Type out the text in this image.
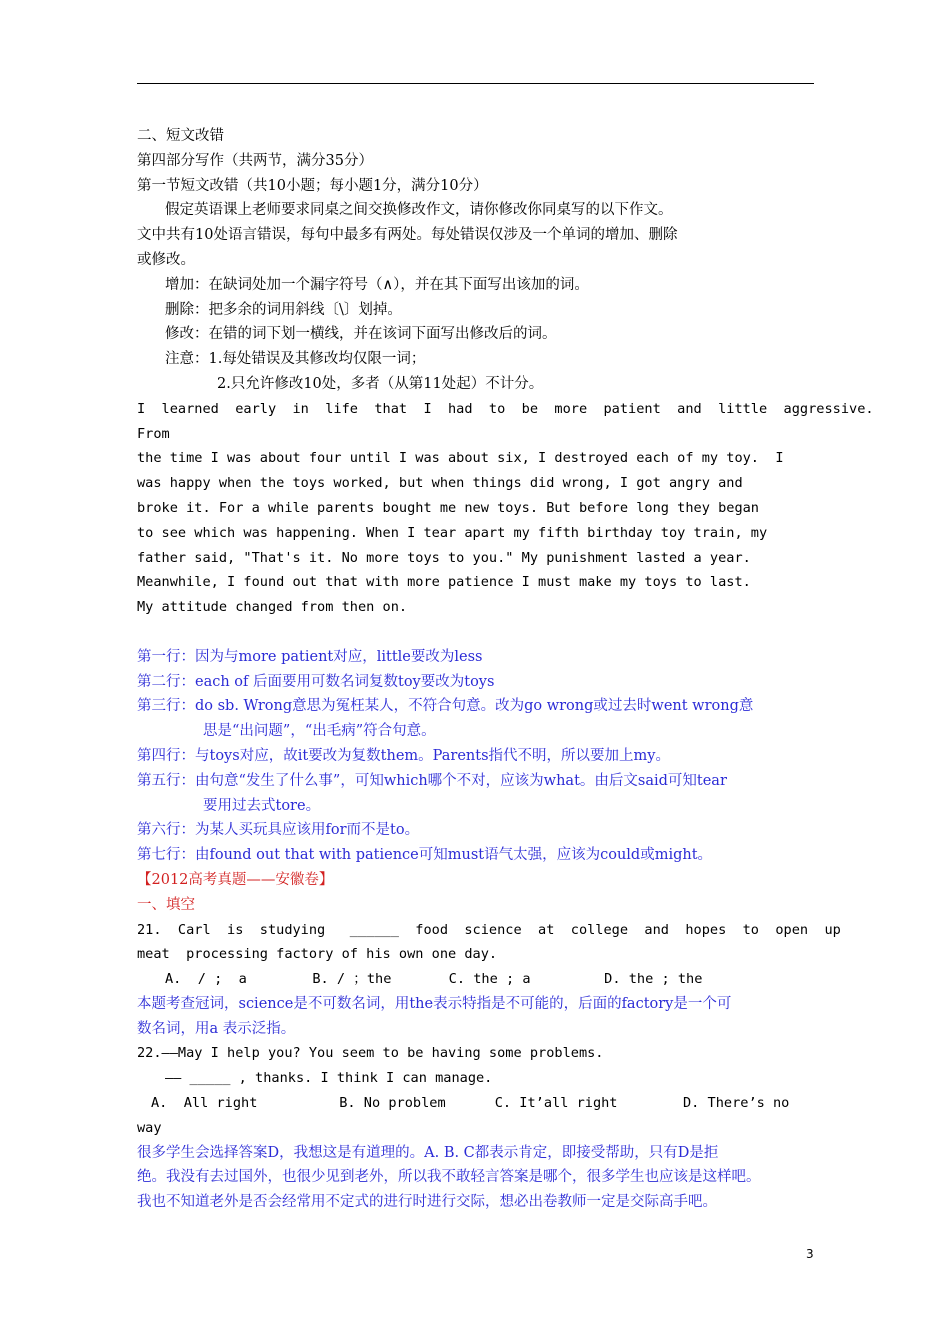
二、短文改错
第四部分写作（共两节，满分35分）
第一节短文改错（共10小题；每小题1分，满分10分）
假定英语课上老师要求同桌之间交换修改作文，请你修改你同桌写的以下作文。
文中共有10处语言错误，每句中最多有两处。每处错误仅涉及一个单词的增加、删除
或修改。
增加：在缺词处加一个漏字符号（∧），并在其下面写出该加的词。
删除：把多余的词用斜线〔\〕划掉。
修改：在错的词下划一横线，并在该词下面写出修改后的词。
注意：1.每处错误及其修改均仅限一词；
2.只允许修改10处，多者（从第11处起）不计分。
I  learned  early  in  life  that  I  had  to  be  more  patient  and  little  aggressive.
From
the time I was about four until I was about six, I destroyed each of my toy.  I
was happy when the toys worked, but when things did wrong, I got angry and
broke it. For a while parents bought me new toys. But before long they began
to see which was happening. When I tear apart my fifth birthday toy train, my
father said, "That's it. No more toys to you." My punishment lasted a year.
Meanwhile, I found out that with more patience I must make my toys to last.
My attitude changed from then on.
第一行：因为与more patient对应，little要改为less
第二行：each of 后面要用可数名词复数toy要改为toys
第三行：do sb. Wrong意思为冤枉某人，不符合句意。改为go wrong或过去时went wrong意
思是“出问题”，“出毛病”符合句意。
第四行：与toys对应，故it要改为复数them。Parents指代不明，所以要加上my。
第五行：由句意“发生了什么事”，可知which哪个不对，应该为what。由后文said可知tear
要用过去式tore。
第六行：为某人买玩具应该用for而不是to。
第七行：由found out that with patience可知must语气太强，应该为could或might。
【2012高考真题——安徽卷】
一、填空
21.  Carl  is  studying   ______  food  science  at  college  and  hopes  to  open  up
meat  processing factory of his own one day.
A.  / ;  a        B. / ；the       C. the ; a         D. the ; the
本题考查冠词，science是不可数名词，用the表示特指是不可能的，后面的factory是一个可
数名词，用a 表示泛指。
22.——May I help you? You seem to be having some problems.
—— _____ , thanks. I think I can manage.
A.  All right          B. No problem      C. It’all right        D. There’s no
way
很多学生会选择答案D，我想这是有道理的。A. B. C都表示肯定，即接受帮助，只有D是拒
绝。我没有去过国外，也很少见到老外，所以我不敢轻言答案是哪个，很多学生也应该是这样吧。
我也不知道老外是否会经常用不定式的进行时进行交际，想必出卷教师一定是交际高手吧。
3
